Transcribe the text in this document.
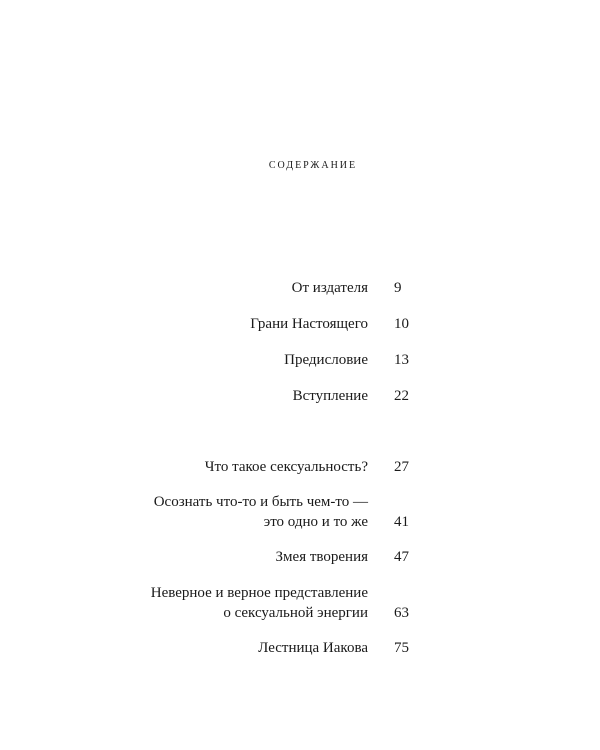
содержание
От издателя 9
Грани Настоящего 10
Предисловие 13
Вступление 22
Что такое сексуальность? 27
Осознать что-то и быть чем-то —
это одно и то же 41
Змея творения 47
Неверное и верное представление
о сексуальной энергии 63
Лестница Иакова 75
